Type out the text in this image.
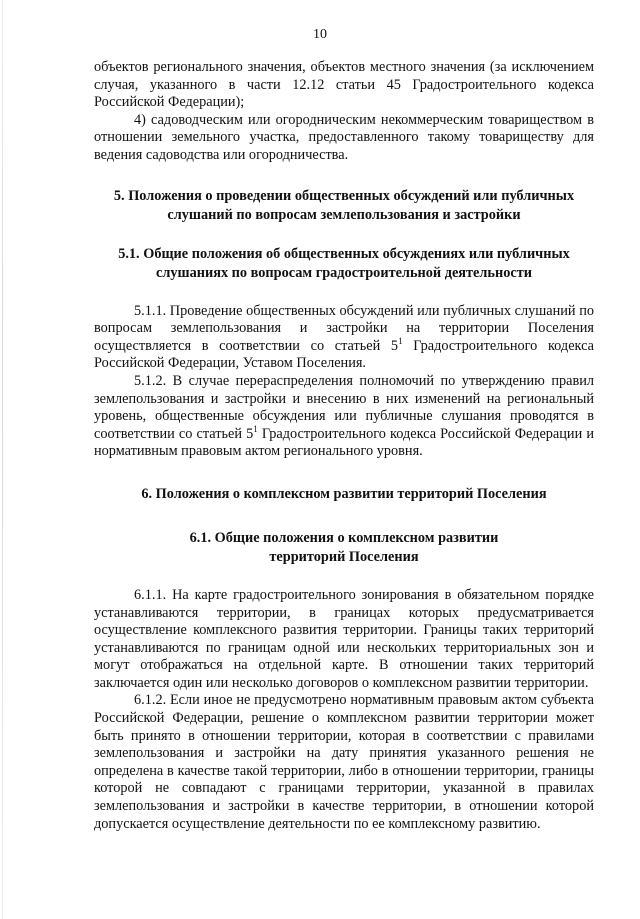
10

объектов регионального значения, объектов местного значения (за исключением случая, указанного в части 12.12 статьи 45 Градостроительного кодекса Российской Федерации);

4) садоводческим или огородническим некоммерческим товариществом в отношении земельного участка, предоставленного такому товариществу для ведения садоводства или огородничества.

5. Положения о проведении общественных обсуждений или публичных слушаний по вопросам землепользования и застройки

5.1. Общие положения об общественных обсуждениях или публичных слушаниях по вопросам градостроительной деятельности

5.1.1. Проведение общественных обсуждений или публичных слушаний по вопросам землепользования и застройки на территории Поселения осуществляется в соответствии со статьей $5^1$ Градостроительного кодекса Российской Федерации, Уставом Поселения.

5.1.2. В случае перераспределения полномочий по утверждению правил землепользования и застройки и внесению в них изменений на региональный уровень, общественные обсуждения или публичные слушания проводятся в соответствии со статьей $5^1$ Градостроительного кодекса Российской Федерации и нормативным правовым актом регионального уровня.

6. Положения о комплексном развитии территорий Поселения

6.1. Общие положения о комплексном развитии

территорий Поселения

6.1.1. На карте градостроительного зонирования в обязательном порядке устанавливаются территории, в границах которых предусматривается осуществление комплексного развития территории. Границы таких территорий устанавливаются по границам одной или нескольких территориальных зон и могут отображаться на отдельной карте. В отношении таких территорий заключается один или несколько договоров о комплексном развитии территории.

6.1.2. Если иное не предусмотрено нормативным правовым актом субъекта Российской Федерации, решение о комплексном развитии территории может быть принято в отношении территории, которая в соответствии с правилами землепользования и застройки на дату принятия указанного решения не определена в качестве такой территории, либо в отношении территории, границы которой не совпадают с границами территории, указанной в правилах землепользования и застройки в качестве территории, в отношении которой допускается осуществление деятельности по ее комплексному развитию.
